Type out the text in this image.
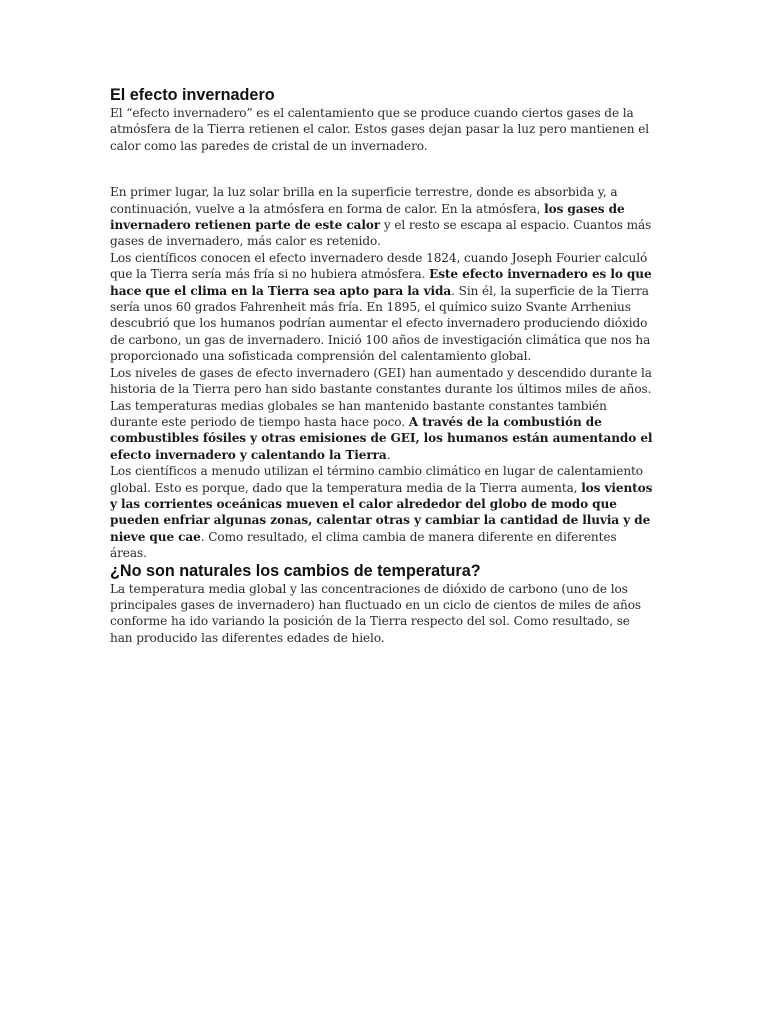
El efecto invernadero

El “efecto invernadero” es el calentamiento que se produce cuando ciertos gases de la atmósfera de la Tierra retienen el calor. Estos gases dejan pasar la luz pero mantienen el calor como las paredes de cristal de un invernadero.

En primer lugar, la luz solar brilla en la superficie terrestre, donde es absorbida y, a continuación, vuelve a la atmósfera en forma de calor. En la atmósfera, los gases de invernadero retienen parte de este calor y el resto se escapa al espacio. Cuantos más gases de invernadero, más calor es retenido.

Los científicos conocen el efecto invernadero desde 1824, cuando Joseph Fourier calculó que la Tierra sería más fría si no hubiera atmósfera. Este efecto invernadero es lo que hace que el clima en la Tierra sea apto para la vida. Sin él, la superficie de la Tierra sería unos 60 grados Fahrenheit más fría. En 1895, el químico suizo Svante Arrhenius descubrió que los humanos podrían aumentar el efecto invernadero produciendo dióxido de carbono, un gas de invernadero. Inició 100 años de investigación climática que nos ha proporcionado una sofisticada comprensión del calentamiento global.

Los niveles de gases de efecto invernadero (GEI) han aumentado y descendido durante la historia de la Tierra pero han sido bastante constantes durante los últimos miles de años. Las temperaturas medias globales se han mantenido bastante constantes también durante este periodo de tiempo hasta hace poco. A través de la combustión de combustibles fósiles y otras emisiones de GEI, los humanos están aumentando el efecto invernadero y calentando la Tierra.

Los científicos a menudo utilizan el término cambio climático en lugar de calentamiento global. Esto es porque, dado que la temperatura media de la Tierra aumenta, los vientos y las corrientes oceánicas mueven el calor alrededor del globo de modo que pueden enfriar algunas zonas, calentar otras y cambiar la cantidad de lluvia y de nieve que cae. Como resultado, el clima cambia de manera diferente en diferentes áreas.

¿No son naturales los cambios de temperatura?

La temperatura media global y las concentraciones de dióxido de carbono (uno de los principales gases de invernadero) han fluctuado en un ciclo de cientos de miles de años conforme ha ido variando la posición de la Tierra respecto del sol. Como resultado, se han producido las diferentes edades de hielo.
